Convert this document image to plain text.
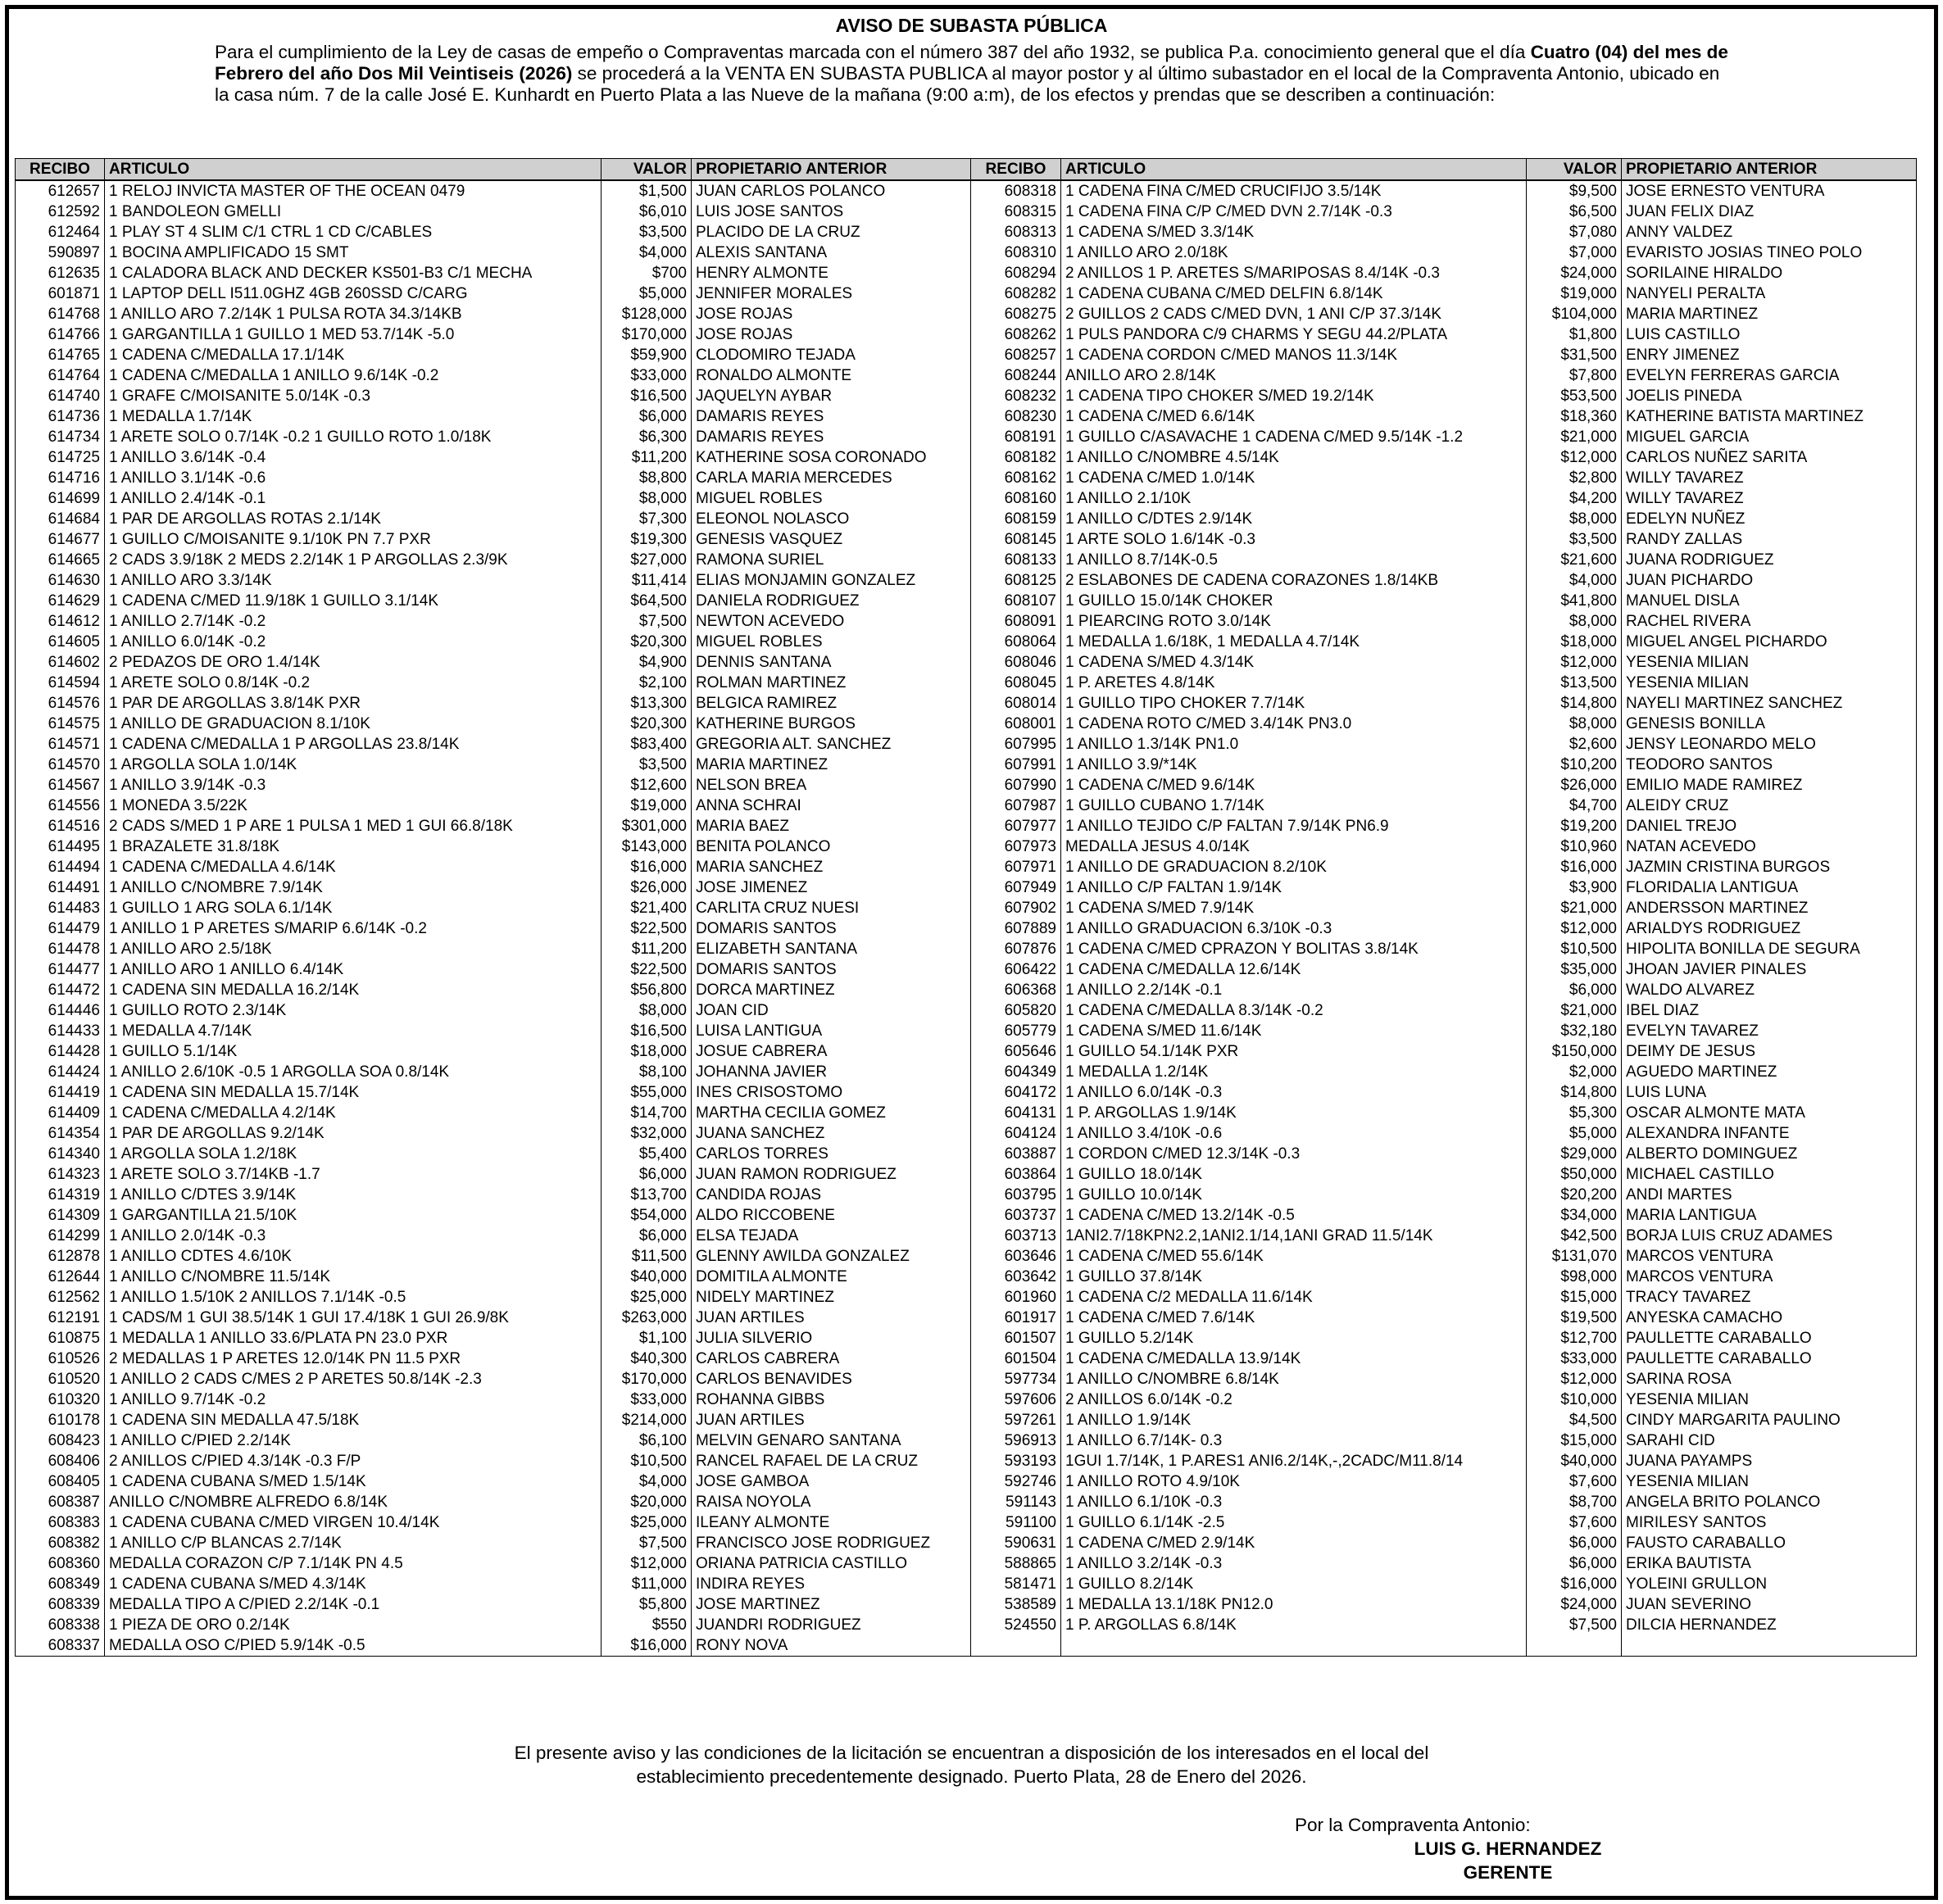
AVISO DE SUBASTA PÚBLICA
Para el cumplimiento de la Ley de casas de empeño o Compraventas marcada con el número 387 del año 1932, se publica P.a. conocimiento general que el día Cuatro (04) del mes de Febrero del año Dos Mil Veintiseis (2026) se procederá a la VENTA EN SUBASTA PUBLICA al mayor postor y al último subastador en el local de la Compraventa Antonio, ubicado en la casa núm. 7 de la calle José E. Kunhardt en Puerto Plata a las Nueve de la mañana (9:00 a:m), de los efectos y prendas que se describen a continuación:
RECIBO	ARTICULO	VALOR	PROPIETARIO ANTERIOR	RECIBO	ARTICULO	VALOR	PROPIETARIO ANTERIOR
612657	1 RELOJ INVICTA MASTER OF THE OCEAN 0479	$1,500	JUAN CARLOS POLANCO	608318	1 CADENA FINA C/MED CRUCIFIJO 3.5/14K	$9,500	JOSE ERNESTO VENTURA
612592	1 BANDOLEON GMELLI	$6,010	LUIS JOSE SANTOS	608315	1 CADENA FINA C/P C/MED DVN 2.7/14K -0.3	$6,500	JUAN FELIX DIAZ
612464	1 PLAY ST 4 SLIM C/1 CTRL 1 CD C/CABLES	$3,500	PLACIDO DE LA CRUZ	608313	1 CADENA S/MED 3.3/14K	$7,080	ANNY VALDEZ
590897	1 BOCINA AMPLIFICADO 15 SMT	$4,000	ALEXIS SANTANA	608310	1 ANILLO ARO 2.0/18K	$7,000	EVARISTO JOSIAS TINEO POLO
612635	1 CALADORA BLACK AND DECKER KS501-B3 C/1 MECHA	$700	HENRY ALMONTE	608294	2 ANILLOS 1 P. ARETES S/MARIPOSAS 8.4/14K -0.3	$24,000	SORILAINE HIRALDO
601871	1 LAPTOP DELL I511.0GHZ 4GB 260SSD C/CARG	$5,000	JENNIFER MORALES	608282	1 CADENA CUBANA C/MED DELFIN 6.8/14K	$19,000	NANYELI PERALTA
614768	1 ANILLO ARO 7.2/14K 1 PULSA ROTA 34.3/14KB	$128,000	JOSE ROJAS	608275	2 GUILLOS 2 CADS C/MED DVN, 1 ANI C/P 37.3/14K	$104,000	MARIA MARTINEZ
614766	1 GARGANTILLA 1 GUILLO 1 MED 53.7/14K -5.0	$170,000	JOSE ROJAS	608262	1 PULS PANDORA C/9 CHARMS Y SEGU 44.2/PLATA	$1,800	LUIS CASTILLO
614765	1 CADENA C/MEDALLA 17.1/14K	$59,900	CLODOMIRO TEJADA	608257	1 CADENA CORDON C/MED MANOS 11.3/14K	$31,500	ENRY JIMENEZ
614764	1 CADENA C/MEDALLA 1 ANILLO 9.6/14K -0.2	$33,000	RONALDO ALMONTE	608244	ANILLO ARO 2.8/14K	$7,800	EVELYN FERRERAS GARCIA
614740	1 GRAFE C/MOISANITE 5.0/14K -0.3	$16,500	JAQUELYN AYBAR	608232	1 CADENA TIPO CHOKER S/MED 19.2/14K	$53,500	JOELIS PINEDA
614736	1 MEDALLA 1.7/14K	$6,000	DAMARIS REYES	608230	1 CADENA C/MED 6.6/14K	$18,360	KATHERINE BATISTA MARTINEZ
614734	1 ARETE SOLO 0.7/14K -0.2 1 GUILLO ROTO 1.0/18K	$6,300	DAMARIS REYES	608191	1 GUILLO C/ASAVACHE 1 CADENA C/MED 9.5/14K -1.2	$21,000	MIGUEL GARCIA
614725	1 ANILLO 3.6/14K -0.4	$11,200	KATHERINE SOSA CORONADO	608182	1 ANILLO C/NOMBRE 4.5/14K	$12,000	CARLOS NUÑEZ SARITA
614716	1 ANILLO 3.1/14K -0.6	$8,800	CARLA MARIA MERCEDES	608162	1 CADENA C/MED 1.0/14K	$2,800	WILLY TAVAREZ
614699	1 ANILLO 2.4/14K -0.1	$8,000	MIGUEL ROBLES	608160	1 ANILLO 2.1/10K	$4,200	WILLY TAVAREZ
614684	1 PAR DE ARGOLLAS ROTAS 2.1/14K	$7,300	ELEONOL NOLASCO	608159	1 ANILLO C/DTES 2.9/14K	$8,000	EDELYN NUÑEZ
614677	1 GUILLO C/MOISANITE 9.1/10K PN 7.7 PXR	$19,300	GENESIS VASQUEZ	608145	1 ARTE SOLO 1.6/14K -0.3	$3,500	RANDY ZALLAS
614665	2 CADS 3.9/18K 2 MEDS 2.2/14K 1 P ARGOLLAS 2.3/9K	$27,000	RAMONA SURIEL	608133	1 ANILLO 8.7/14K-0.5	$21,600	JUANA RODRIGUEZ
614630	1 ANILLO ARO 3.3/14K	$11,414	ELIAS MONJAMIN GONZALEZ	608125	2 ESLABONES DE CADENA CORAZONES 1.8/14KB	$4,000	JUAN PICHARDO
614629	1 CADENA C/MED 11.9/18K 1 GUILLO 3.1/14K	$64,500	DANIELA RODRIGUEZ	608107	1 GUILLO 15.0/14K CHOKER	$41,800	MANUEL DISLA
614612	1 ANILLO 2.7/14K -0.2	$7,500	NEWTON ACEVEDO	608091	1 PIEARCING ROTO 3.0/14K	$8,000	RACHEL RIVERA
614605	1 ANILLO 6.0/14K -0.2	$20,300	MIGUEL ROBLES	608064	1 MEDALLA 1.6/18K, 1 MEDALLA 4.7/14K	$18,000	MIGUEL ANGEL PICHARDO
614602	2 PEDAZOS DE ORO 1.4/14K	$4,900	DENNIS SANTANA	608046	1 CADENA S/MED 4.3/14K	$12,000	YESENIA MILIAN
614594	1 ARETE SOLO 0.8/14K -0.2	$2,100	ROLMAN MARTINEZ	608045	1 P. ARETES 4.8/14K	$13,500	YESENIA MILIAN
614576	1 PAR DE ARGOLLAS 3.8/14K PXR	$13,300	BELGICA RAMIREZ	608014	1 GUILLO TIPO CHOKER 7.7/14K	$14,800	NAYELI MARTINEZ SANCHEZ
614575	1 ANILLO DE GRADUACION 8.1/10K	$20,300	KATHERINE BURGOS	608001	1 CADENA ROTO C/MED 3.4/14K PN3.0	$8,000	GENESIS BONILLA
614571	1 CADENA C/MEDALLA 1 P ARGOLLAS 23.8/14K	$83,400	GREGORIA ALT. SANCHEZ	607995	1 ANILLO 1.3/14K PN1.0	$2,600	JENSY LEONARDO MELO
614570	1 ARGOLLA SOLA 1.0/14K	$3,500	MARIA MARTINEZ	607991	1 ANILLO 3.9/*14K	$10,200	TEODORO SANTOS
614567	1 ANILLO 3.9/14K -0.3	$12,600	NELSON BREA	607990	1 CADENA C/MED 9.6/14K	$26,000	EMILIO MADE RAMIREZ
614556	1 MONEDA 3.5/22K	$19,000	ANNA SCHRAI	607987	1 GUILLO CUBANO 1.7/14K	$4,700	ALEIDY CRUZ
614516	2 CADS S/MED 1 P ARE 1 PULSA 1 MED 1 GUI 66.8/18K	$301,000	MARIA BAEZ	607977	1 ANILLO TEJIDO C/P FALTAN 7.9/14K PN6.9	$19,200	DANIEL TREJO
614495	1 BRAZALETE 31.8/18K	$143,000	BENITA POLANCO	607973	MEDALLA JESUS 4.0/14K	$10,960	NATAN ACEVEDO
614494	1 CADENA C/MEDALLA 4.6/14K	$16,000	MARIA SANCHEZ	607971	1 ANILLO DE GRADUACION 8.2/10K	$16,000	JAZMIN CRISTINA BURGOS
614491	1 ANILLO C/NOMBRE 7.9/14K	$26,000	JOSE JIMENEZ	607949	1 ANILLO C/P FALTAN 1.9/14K	$3,900	FLORIDALIA LANTIGUA
614483	1 GUILLO 1 ARG SOLA 6.1/14K	$21,400	CARLITA CRUZ NUESI	607902	1 CADENA S/MED 7.9/14K	$21,000	ANDERSSON MARTINEZ
614479	1 ANILLO 1 P ARETES S/MARIP 6.6/14K -0.2	$22,500	DOMARIS SANTOS	607889	1 ANILLO GRADUACION 6.3/10K -0.3	$12,000	ARIALDYS RODRIGUEZ
614478	1 ANILLO ARO 2.5/18K	$11,200	ELIZABETH SANTANA	607876	1 CADENA C/MED CPRAZON Y BOLITAS 3.8/14K	$10,500	HIPOLITA BONILLA DE SEGURA
614477	1 ANILLO ARO 1 ANILLO 6.4/14K	$22,500	DOMARIS SANTOS	606422	1 CADENA C/MEDALLA 12.6/14K	$35,000	JHOAN JAVIER PINALES
614472	1 CADENA SIN MEDALLA 16.2/14K	$56,800	DORCA MARTINEZ	606368	1 ANILLO 2.2/14K -0.1	$6,000	WALDO ALVAREZ
614446	1 GUILLO ROTO 2.3/14K	$8,000	JOAN CID	605820	1 CADENA C/MEDALLA 8.3/14K -0.2	$21,000	IBEL DIAZ
614433	1 MEDALLA 4.7/14K	$16,500	LUISA LANTIGUA	605779	1 CADENA S/MED 11.6/14K	$32,180	EVELYN TAVAREZ
614428	1 GUILLO 5.1/14K	$18,000	JOSUE CABRERA	605646	1 GUILLO 54.1/14K PXR	$150,000	DEIMY DE JESUS
614424	1 ANILLO 2.6/10K -0.5 1 ARGOLLA SOA 0.8/14K	$8,100	JOHANNA JAVIER	604349	1 MEDALLA 1.2/14K	$2,000	AGUEDO MARTINEZ
614419	1 CADENA SIN MEDALLA 15.7/14K	$55,000	INES CRISOSTOMO	604172	1 ANILLO 6.0/14K -0.3	$14,800	LUIS LUNA
614409	1 CADENA C/MEDALLA 4.2/14K	$14,700	MARTHA CECILIA GOMEZ	604131	1 P. ARGOLLAS 1.9/14K	$5,300	OSCAR ALMONTE MATA
614354	1 PAR DE ARGOLLAS 9.2/14K	$32,000	JUANA SANCHEZ	604124	1 ANILLO 3.4/10K -0.6	$5,000	ALEXANDRA INFANTE
614340	1 ARGOLLA SOLA 1.2/18K	$5,400	CARLOS TORRES	603887	1 CORDON C/MED 12.3/14K -0.3	$29,000	ALBERTO DOMINGUEZ
614323	1 ARETE SOLO 3.7/14KB -1.7	$6,000	JUAN RAMON RODRIGUEZ	603864	1 GUILLO 18.0/14K	$50,000	MICHAEL CASTILLO
614319	1 ANILLO C/DTES 3.9/14K	$13,700	CANDIDA ROJAS	603795	1 GUILLO 10.0/14K	$20,200	ANDI MARTES
614309	1 GARGANTILLA 21.5/10K	$54,000	ALDO RICCOBENE	603737	1 CADENA C/MED 13.2/14K -0.5	$34,000	MARIA LANTIGUA
614299	1 ANILLO 2.0/14K -0.3	$6,000	ELSA TEJADA	603713	1ANI2.7/18KPN2.2,1ANI2.1/14,1ANI GRAD 11.5/14K	$42,500	BORJA LUIS CRUZ ADAMES
612878	1 ANILLO CDTES 4.6/10K	$11,500	GLENNY AWILDA GONZALEZ	603646	1 CADENA C/MED 55.6/14K	$131,070	MARCOS VENTURA
612644	1 ANILLO C/NOMBRE 11.5/14K	$40,000	DOMITILA ALMONTE	603642	1 GUILLO 37.8/14K	$98,000	MARCOS VENTURA
612562	1 ANILLO 1.5/10K 2 ANILLOS 7.1/14K -0.5	$25,000	NIDELY MARTINEZ	601960	1 CADENA C/2 MEDALLA 11.6/14K	$15,000	TRACY TAVAREZ
612191	1 CADS/M 1 GUI 38.5/14K 1 GUI 17.4/18K 1 GUI 26.9/8K	$263,000	JUAN ARTILES	601917	1 CADENA C/MED 7.6/14K	$19,500	ANYESKA CAMACHO
610875	1 MEDALLA 1 ANILLO 33.6/PLATA PN 23.0 PXR	$1,100	JULIA SILVERIO	601507	1 GUILLO 5.2/14K	$12,700	PAULLETTE CARABALLO
610526	2 MEDALLAS 1 P ARETES 12.0/14K PN 11.5 PXR	$40,300	CARLOS CABRERA	601504	1 CADENA C/MEDALLA 13.9/14K	$33,000	PAULLETTE CARABALLO
610520	1 ANILLO 2 CADS C/MES 2 P ARETES 50.8/14K -2.3	$170,000	CARLOS BENAVIDES	597734	1 ANILLO C/NOMBRE 6.8/14K	$12,000	SARINA ROSA
610320	1 ANILLO 9.7/14K -0.2	$33,000	ROHANNA GIBBS	597606	2 ANILLOS 6.0/14K -0.2	$10,000	YESENIA MILIAN
610178	1 CADENA SIN MEDALLA 47.5/18K	$214,000	JUAN ARTILES	597261	1 ANILLO 1.9/14K	$4,500	CINDY MARGARITA PAULINO
608423	1 ANILLO C/PIED 2.2/14K	$6,100	MELVIN GENARO SANTANA	596913	1 ANILLO 6.7/14K- 0.3	$15,000	SARAHI CID
608406	2 ANILLOS C/PIED 4.3/14K -0.3 F/P	$10,500	RANCEL RAFAEL DE LA CRUZ	593193	1GUI 1.7/14K, 1 P.ARES1 ANI6.2/14K,-,2CADC/M11.8/14	$40,000	JUANA PAYAMPS
608405	1 CADENA CUBANA S/MED 1.5/14K	$4,000	JOSE GAMBOA	592746	1 ANILLO ROTO 4.9/10K	$7,600	YESENIA MILIAN
608387	ANILLO C/NOMBRE ALFREDO 6.8/14K	$20,000	RAISA NOYOLA	591143	1 ANILLO 6.1/10K -0.3	$8,700	ANGELA BRITO POLANCO
608383	1 CADENA CUBANA C/MED VIRGEN 10.4/14K	$25,000	ILEANY ALMONTE	591100	1 GUILLO 6.1/14K -2.5	$7,600	MIRILESY SANTOS
608382	1 ANILLO C/P BLANCAS 2.7/14K	$7,500	FRANCISCO JOSE RODRIGUEZ	590631	1 CADENA C/MED 2.9/14K	$6,000	FAUSTO CARABALLO
608360	MEDALLA CORAZON C/P 7.1/14K PN 4.5	$12,000	ORIANA PATRICIA CASTILLO	588865	1 ANILLO 3.2/14K -0.3	$6,000	ERIKA BAUTISTA
608349	1 CADENA CUBANA S/MED 4.3/14K	$11,000	INDIRA REYES	581471	1 GUILLO 8.2/14K	$16,000	YOLEINI GRULLON
608339	MEDALLA TIPO A C/PIED 2.2/14K -0.1	$5,800	JOSE MARTINEZ	538589	1 MEDALLA 13.1/18K PN12.0	$24,000	JUAN SEVERINO
608338	1 PIEZA DE ORO 0.2/14K	$550	JUANDRI RODRIGUEZ	524550	1 P. ARGOLLAS 6.8/14K	$7,500	DILCIA HERNANDEZ
608337	MEDALLA OSO C/PIED 5.9/14K -0.5	$16,000	RONY NOVA				
El presente aviso y las condiciones de la licitación se encuentran a disposición de los interesados en el local del
establecimiento precedentemente designado. Puerto Plata, 28 de Enero del 2026.
Por la Compraventa Antonio:
LUIS G. HERNANDEZ
GERENTE
